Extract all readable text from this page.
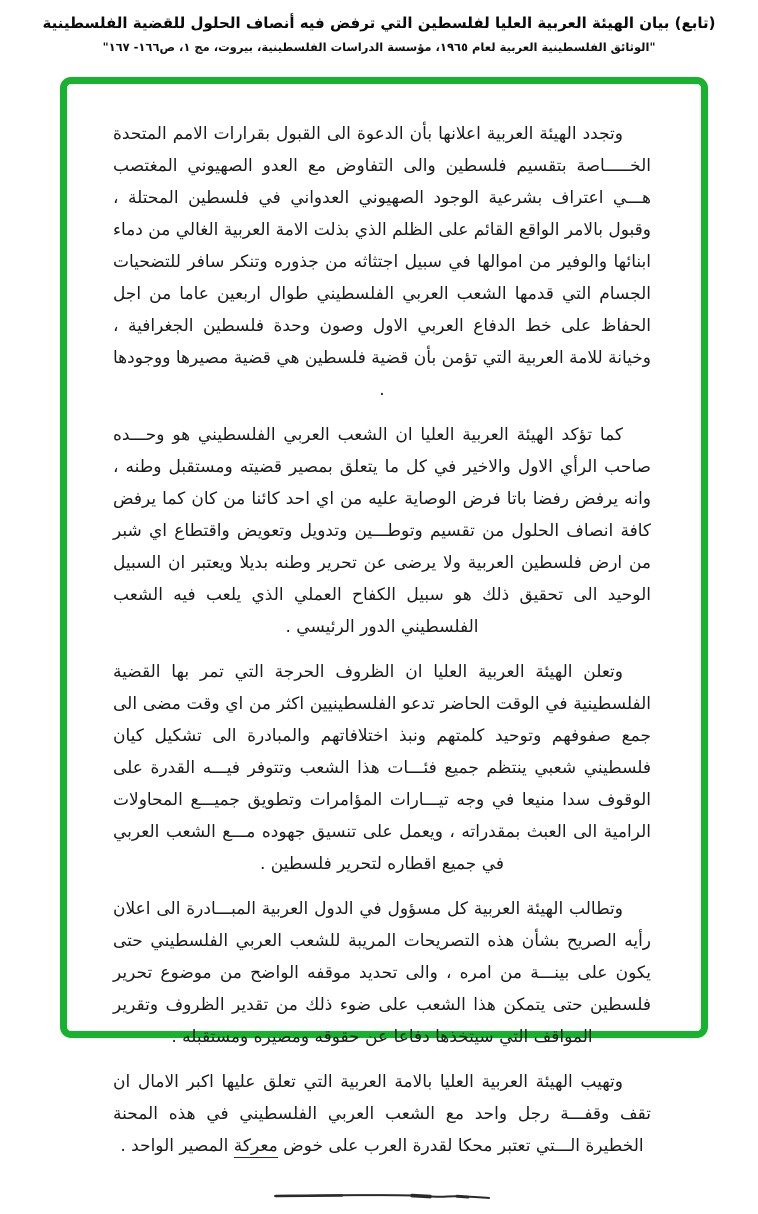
(تابع) بيان الهيئة العربية العليا لفلسطين التي ترفض فيه أنصاف الحلول للقضية الفلسطينية
"الوثائق الفلسطينية العربية لعام ١٩٦٥، مؤسسة الدراسات الفلسطينية، بيروت، مج ١، ص١٦٦- ١٦٧"

وتجدد الهيئة العربية اعلانها بأن الدعوة الى القبول بقرارات الامم المتحدة الخـــــاصة بتقسيم فلسطين والى التفاوض مع العدو الصهيوني المغتصب هـــي اعتراف بشرعية الوجود الصهيوني العدواني في فلسطين المحتلة ، وقبول بالامر الواقع القائم على الظلم الذي بذلت الامة العربية الغالي من دماء ابنائها والوفير من اموالها في سبيل اجتثاثه من جذوره وتنكر سافر للتضحيات الجسام التي قدمها الشعب العربي الفلسطيني طوال اربعين عاما من اجل الحفاظ على خط الدفاع العربي الاول وصون وحدة فلسطين الجغرافية ، وخيانة للامة العربية التي تؤمن بأن قضية فلسطين هي قضية مصيرها ووجودها .

كما تؤكد الهيئة العربية العليا ان الشعب العربي الفلسطيني هو وحـــده صاحب الرأي الاول والاخير في كل ما يتعلق بمصير قضيته ومستقبل وطنه ، وانه يرفض رفضا باتا فرض الوصاية عليه من اي احد كائنا من كان كما يرفض كافة انصاف الحلول من تقسيم وتوطـــين وتدويل وتعويض واقتطاع اي شبر من ارض فلسطين العربية ولا يرضى عن تحرير وطنه بديلا ويعتبر ان السبيل الوحيد الى تحقيق ذلك هو سبيل الكفاح العملي الذي يلعب فيه الشعب الفلسطيني الدور الرئيسي .

وتعلن الهيئة العربية العليا ان الظروف الحرجة التي تمر بها القضية الفلسطينية في الوقت الحاضر تدعو الفلسطينيين اكثر من اي وقت مضى الى جمع صفوفهم وتوحيد كلمتهم ونبذ اختلافاتهم والمبادرة الى تشكيل كيان فلسطيني شعبي ينتظم جميع فئـــات هذا الشعب وتتوفر فيـــه القدرة على الوقوف سدا منيعا في وجه تيـــارات المؤامرات وتطويق جميـــع المحاولات الرامية الى العبث بمقدراته ، ويعمل على تنسيق جهوده مـــع الشعب العربي في جميع اقطاره لتحرير فلسطين .

وتطالب الهيئة العربية كل مسؤول في الدول العربية المبـــادرة الى اعلان رأيه الصريح بشأن هذه التصريحات المريبة للشعب العربي الفلسطيني حتى يكون على بينـــة من امره ، والى تحديد موقفه الواضح من موضوع تحرير فلسطين حتى يتمكن هذا الشعب على ضوء ذلك من تقدير الظروف وتقرير المواقف التي سيتخذها دفاعا عن حقوقه ومصيره ومستقبله .

وتهيب الهيئة العربية العليا بالامة العربية التي تعلق عليها اكبر الامال ان تقف وقفـــة رجل واحد مع الشعب العربي الفلسطيني في هذه المحنة الخطيرة الـــتي تعتبر محكا لقدرة العرب على خوض معركة المصير الواحد .
